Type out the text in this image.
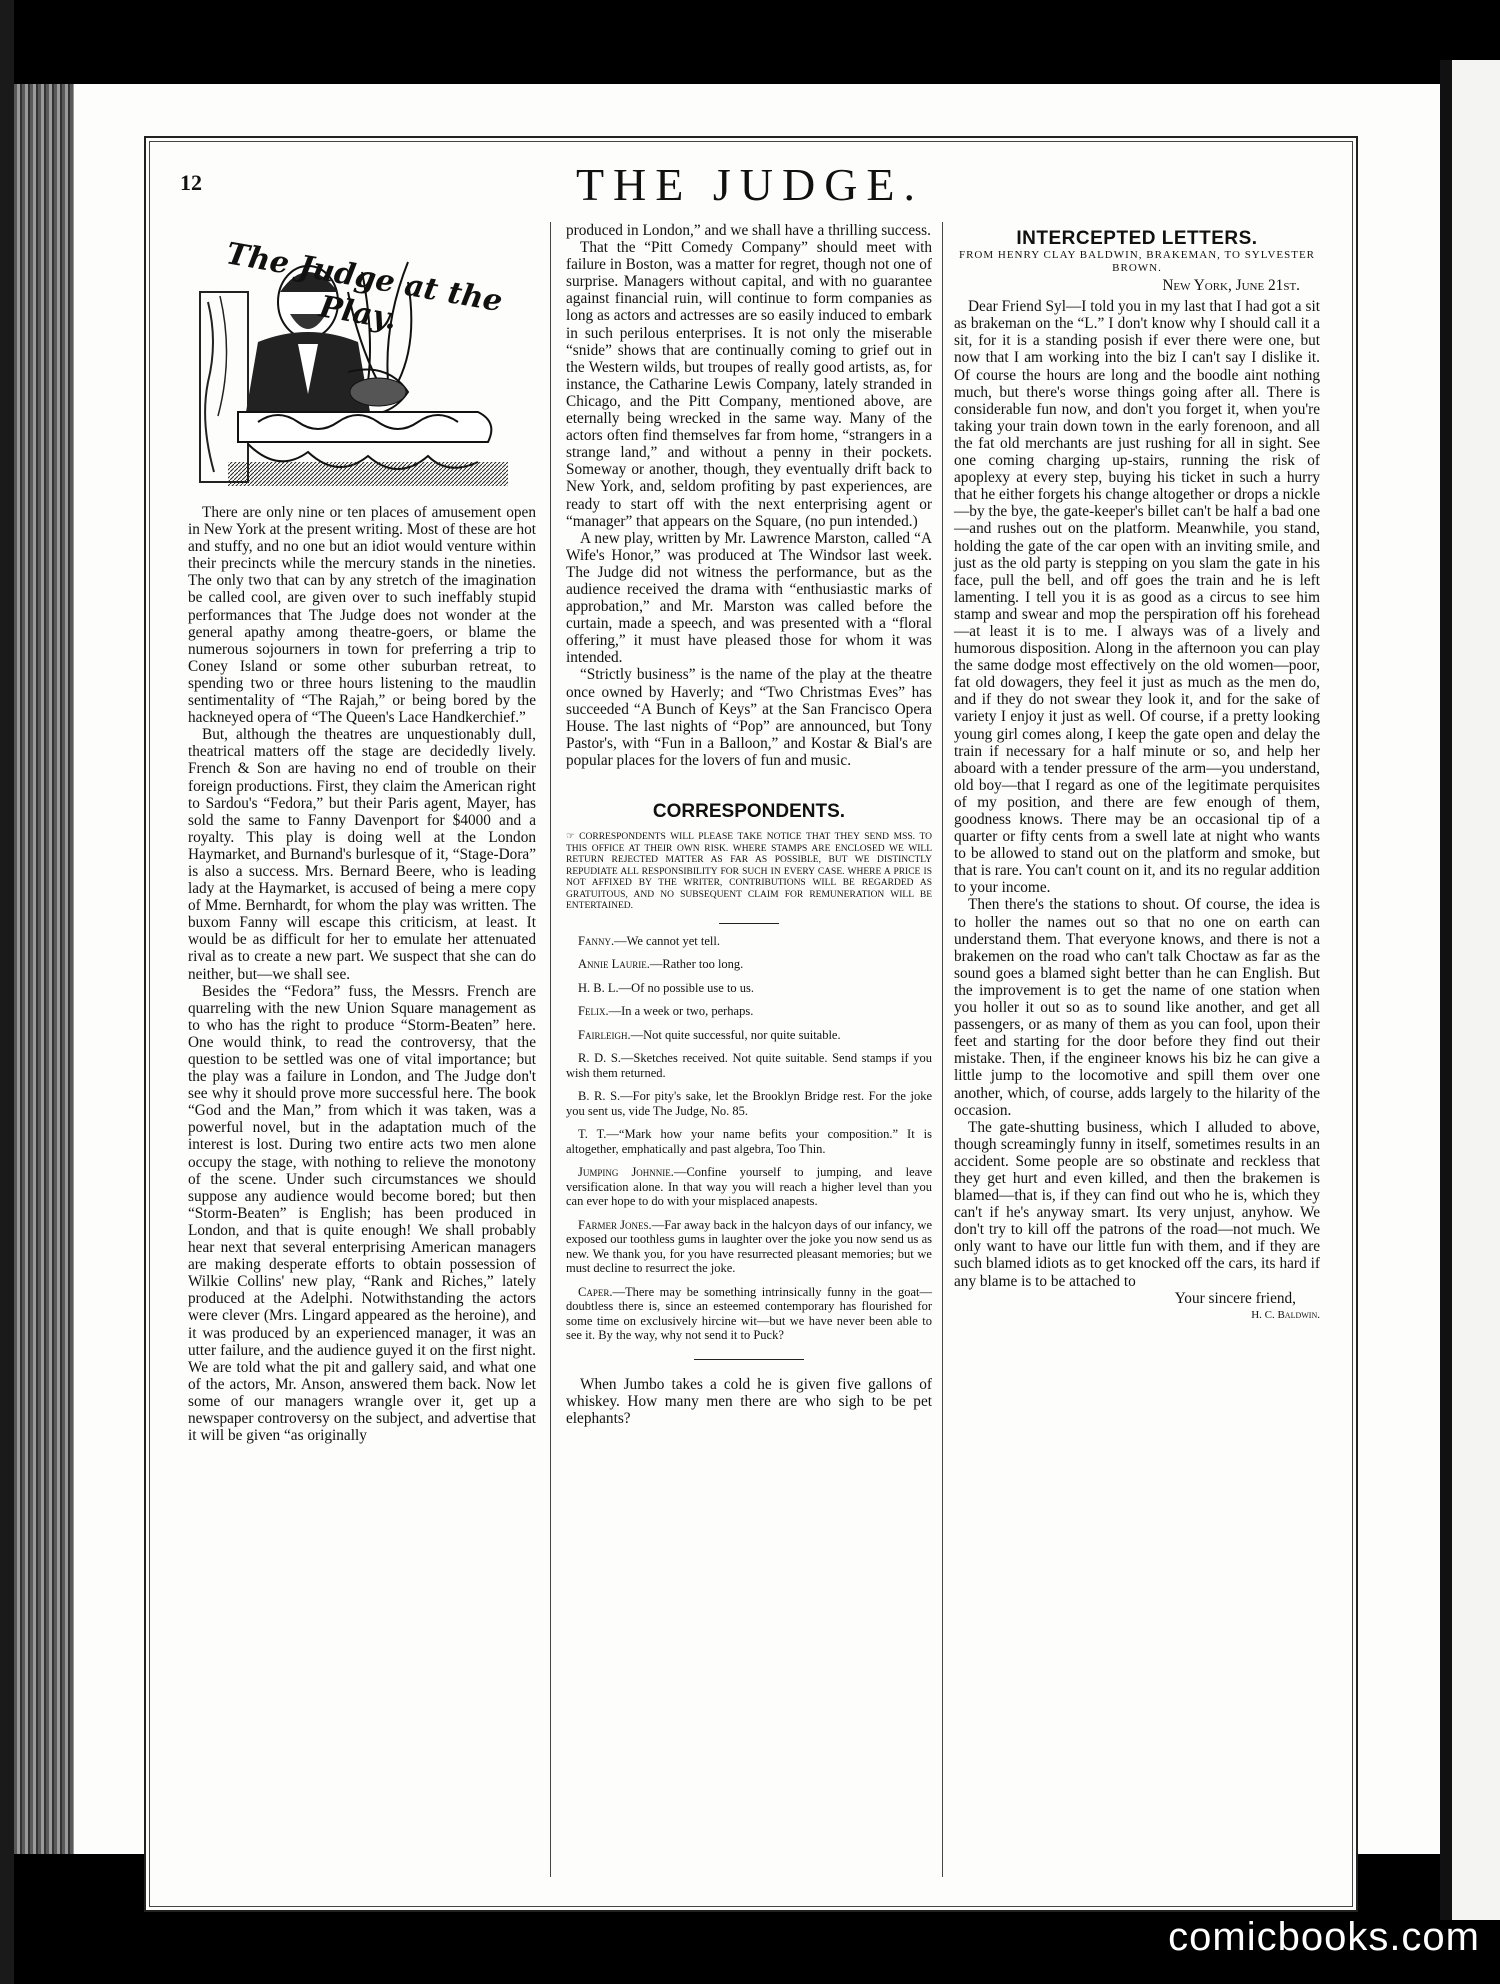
12	THE JUDGE.
The Judge at the Play.

There are only nine or ten places of amusement open in New York at the present writing. Most of these are hot and stuffy, and no one but an idiot would venture within their precincts while the mercury stands in the nineties. The only two that can by any stretch of the imagination be called cool, are given over to such ineffably stupid performances that The Judge does not wonder at the general apathy among theatre-goers, or blame the numerous sojourners in town for preferring a trip to Coney Island or some other suburban retreat, to spending two or three hours listening to the maudlin sentimentality of “The Rajah,” or being bored by the hackneyed opera of “The Queen's Lace Handkerchief.”

But, although the theatres are unquestionably dull, theatrical matters off the stage are decidedly lively. French & Son are having no end of trouble on their foreign productions. First, they claim the American right to Sardou's “Fedora,” but their Paris agent, Mayer, has sold the same to Fanny Davenport for $4000 and a royalty. This play is doing well at the London Haymarket, and Burnand's burlesque of it, “Stage-Dora” is also a success. Mrs. Bernard Beere, who is leading lady at the Haymarket, is accused of being a mere copy of Mme. Bernhardt, for whom the play was written. The buxom Fanny will escape this criticism, at least. It would be as difficult for her to emulate her attenuated rival as to create a new part. We suspect that she can do neither, but—we shall see.

Besides the “Fedora” fuss, the Messrs. French are quarreling with the new Union Square management as to who has the right to produce “Storm-Beaten” here. One would think, to read the controversy, that the question to be settled was one of vital importance; but the play was a failure in London, and The Judge don't see why it should prove more successful here. The book “God and the Man,” from which it was taken, was a powerful novel, but in the adaptation much of the interest is lost. During two entire acts two men alone occupy the stage, with nothing to relieve the monotony of the scene. Under such circumstances we should suppose any audience would become bored; but then “Storm-Beaten” is English; has been produced in London, and that is quite enough! We shall probably hear next that several enterprising American managers are making desperate efforts to obtain possession of Wilkie Collins' new play, “Rank and Riches,” lately produced at the Adelphi. Notwithstanding the actors were clever (Mrs. Lingard appeared as the heroine), and it was produced by an experienced manager, it was an utter failure, and the audience guyed it on the first night. We are told what the pit and gallery said, and what one of the actors, Mr. Anson, answered them back. Now let some of our managers wrangle over it, get up a newspaper controversy on the subject, and advertise that it will be given “as originally

produced in London,” and we shall have a thrilling success.

That the “Pitt Comedy Company” should meet with failure in Boston, was a matter for regret, though not one of surprise. Managers without capital, and with no guarantee against financial ruin, will continue to form companies as long as actors and actresses are so easily induced to embark in such perilous enterprises. It is not only the miserable “snide” shows that are continually coming to grief out in the Western wilds, but troupes of really good artists, as, for instance, the Catharine Lewis Company, lately stranded in Chicago, and the Pitt Company, mentioned above, are eternally being wrecked in the same way. Many of the actors often find themselves far from home, “strangers in a strange land,” and without a penny in their pockets. Someway or another, though, they eventually drift back to New York, and, seldom profiting by past experiences, are ready to start off with the next enterprising agent or “manager” that appears on the Square, (no pun intended.)

A new play, written by Mr. Lawrence Marston, called “A Wife's Honor,” was produced at The Windsor last week. The Judge did not witness the performance, but as the audience received the drama with “enthusiastic marks of approbation,” and Mr. Marston was called before the curtain, made a speech, and was presented with a “floral offering,” it must have pleased those for whom it was intended.

“Strictly business” is the name of the play at the theatre once owned by Haverly; and “Two Christmas Eves” has succeeded “A Bunch of Keys” at the San Francisco Opera House. The last nights of “Pop” are announced, but Tony Pastor's, with “Fun in a Balloon,” and Kostar & Bial's are popular places for the lovers of fun and music.

CORRESPONDENTS.
☞ CORRESPONDENTS WILL PLEASE TAKE NOTICE THAT THEY SEND MSS. TO THIS OFFICE AT THEIR OWN RISK. WHERE STAMPS ARE ENCLOSED WE WILL RETURN REJECTED MATTER AS FAR AS POSSIBLE, BUT WE DISTINCTLY REPUDIATE ALL RESPONSIBILITY FOR SUCH IN EVERY CASE. WHERE A PRICE IS NOT AFFIXED BY THE WRITER, CONTRIBUTIONS WILL BE REGARDED AS GRATUITOUS, AND NO SUBSEQUENT CLAIM FOR REMUNERATION WILL BE ENTERTAINED.
Fanny.—We cannot yet tell.
Annie Laurie.—Rather too long.
H. B. L.—Of no possible use to us.
Felix.—In a week or two, perhaps.
Fairleigh.—Not quite successful, nor quite suitable.
R. D. S.—Sketches received. Not quite suitable. Send stamps if you wish them returned.
B. R. S.—For pity's sake, let the Brooklyn Bridge rest. For the joke you sent us, vide The Judge, No. 85.
T. T.—“Mark how your name befits your composition.” It is altogether, emphatically and past algebra, Too Thin.
Jumping Johnnie.—Confine yourself to jumping, and leave versification alone. In that way you will reach a higher level than you can ever hope to do with your misplaced anapests.
Farmer Jones.—Far away back in the halcyon days of our infancy, we exposed our toothless gums in laughter over the joke you now send us as new. We thank you, for you have resurrected pleasant memories; but we must decline to resurrect the joke.
Caper.—There may be something intrinsically funny in the goat—doubtless there is, since an esteemed contemporary has flourished for some time on exclusively hircine wit—but we have never been able to see it. By the way, why not send it to Puck?

When Jumbo takes a cold he is given five gallons of whiskey. How many men there are who sigh to be pet elephants?

INTERCEPTED LETTERS.
FROM HENRY CLAY BALDWIN, BRAKEMAN, TO SYLVESTER BROWN.
New York, June 21st.

Dear Friend Syl—I told you in my last that I had got a sit as brakeman on the “L.” I don't know why I should call it a sit, for it is a standing posish if ever there were one, but now that I am working into the biz I can't say I dislike it. Of course the hours are long and the boodle aint nothing much, but there's worse things going after all. There is considerable fun now, and don't you forget it, when you're taking your train down town in the early forenoon, and all the fat old merchants are just rushing for all in sight. See one coming charging up-stairs, running the risk of apoplexy at every step, buying his ticket in such a hurry that he either forgets his change altogether or drops a nickle—by the bye, the gate-keeper's billet can't be half a bad one—and rushes out on the platform. Meanwhile, you stand, holding the gate of the car open with an inviting smile, and just as the old party is stepping on you slam the gate in his face, pull the bell, and off goes the train and he is left lamenting. I tell you it is as good as a circus to see him stamp and swear and mop the perspiration off his forehead—at least it is to me. I always was of a lively and humorous disposition. Along in the afternoon you can play the same dodge most effectively on the old women—poor, fat old dowagers, they feel it just as much as the men do, and if they do not swear they look it, and for the sake of variety I enjoy it just as well. Of course, if a pretty looking young girl comes along, I keep the gate open and delay the train if necessary for a half minute or so, and help her aboard with a tender pressure of the arm—you understand, old boy—that I regard as one of the legitimate perquisites of my position, and there are few enough of them, goodness knows. There may be an occasional tip of a quarter or fifty cents from a swell late at night who wants to be allowed to stand out on the platform and smoke, but that is rare. You can't count on it, and its no regular addition to your income.

Then there's the stations to shout. Of course, the idea is to holler the names out so that no one on earth can understand them. That everyone knows, and there is not a brakemen on the road who can't talk Choctaw as far as the sound goes a blamed sight better than he can English. But the improvement is to get the name of one station when you holler it out so as to sound like another, and get all passengers, or as many of them as you can fool, upon their feet and starting for the door before they find out their mistake. Then, if the engineer knows his biz he can give a little jump to the locomotive and spill them over one another, which, of course, adds largely to the hilarity of the occasion.

The gate-shutting business, which I alluded to above, though screamingly funny in itself, sometimes results in an accident. Some people are so obstinate and reckless that they get hurt and even killed, and then the brakemen is blamed—that is, if they can find out who he is, which they can't if he's anyway smart. Its very unjust, anyhow. We don't try to kill off the patrons of the road—not much. We only want to have our little fun with them, and if they are such blamed idiots as to get knocked off the cars, its hard if any blame is to be attached to

Your sincere friend,
H. C. Baldwin.
comicbooks.com
